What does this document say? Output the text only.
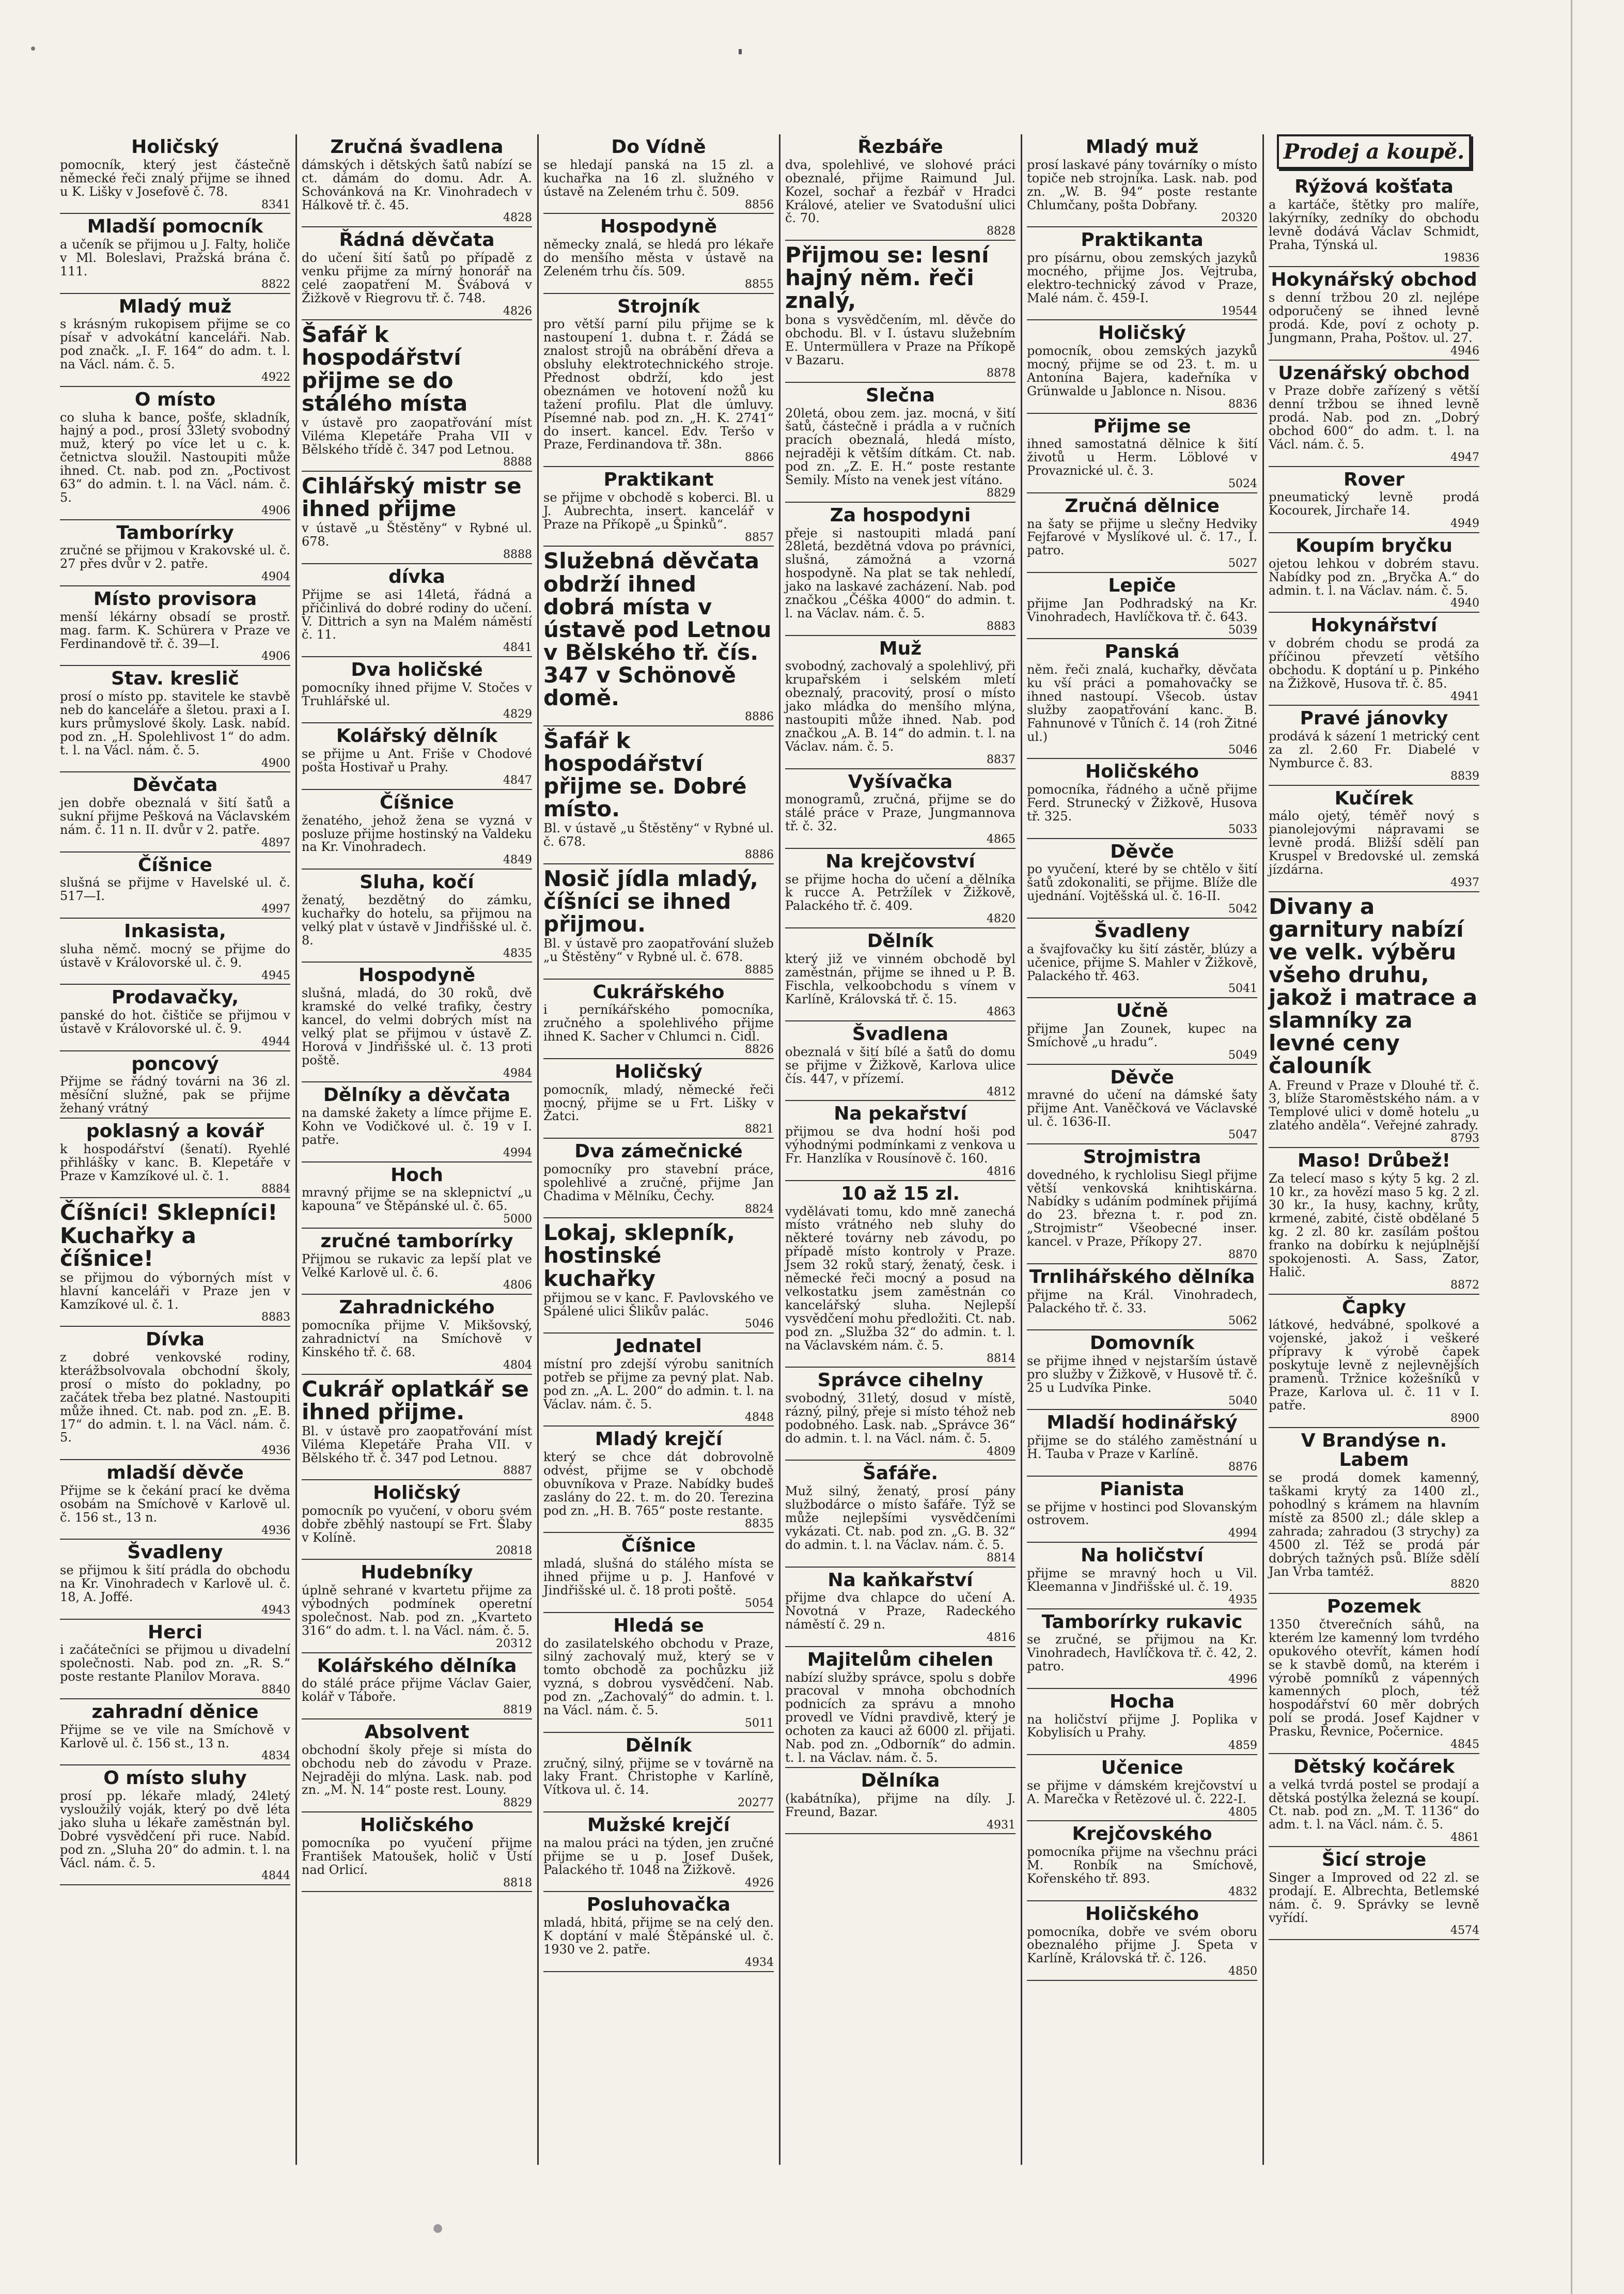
Holičský

pomocník, který jest částečně německé řeči znalý přijme se ihned u K. Lišky v Josefově č. 78.

8341
Mladší pomocník

a učeník se přijmou u J. Falty, holiče v Ml. Boleslavi, Pražská brána č. 111.

8822
Mladý muž

s krásným rukopisem přijme se co písař v advokátní kanceláři. Nab. pod značk. „I. F. 164“ do adm. t. l. na Václ. nám. č. 5.

4922
O místo

co sluha k bance, pošťe, skladník, hajný a pod., prosí 33letý svobodný muž, který po více let u c. k. četnictva sloužil. Nastoupiti může ihned. Ct. nab. pod zn. „Poctivost 63“ do admin. t. l. na Václ. nám. č. 5.

4906
Tamborírky

zručné se přijmou v Krakovské ul. č. 27 přes dvůr v 2. patře.

4904
Místo provisora

menší lékárny obsadí se prostř. mag. farm. K. Schürera v Praze ve Ferdinandově tř. č. 39—I.

4906
Stav. kreslič

prosí o místo pp. stavitele ke stavbě neb do kanceláře a šletou. praxi a I. kurs průmyslové školy. Lask. nabíd. pod zn. „H. Spolehlivost 1“ do adm. t. l. na Václ. nám. č. 5.

4900
Děvčata

jen dobře obeznalá v šití šatů a sukní přijme Pešková na Václavském nám. č. 11 n. II. dvůr v 2. patře.

4897
Číšnice

slušná se přijme v Havelské ul. č. 517—I.

4997
Inkasista,

sluha němč. mocný se přijme do ústavě v Královorské ul. č. 9.

4945
Prodavačky,

panské do hot. čištiče se přijmou v ústavě v Královorské ul. č. 9.

4944
poncový

Přijme se řádný továrni na 36 zl. měsíční služné, pak se přijme žehaný vrátný

poklasný a kovář

k hospodářství (šenatí). Ryehlé přihlášky v kanc. B. Klepetáře v Praze v Kamzíkové ul. č. 1.

8884
Číšníci! Sklepníci! Kuchařky a číšnice!

se přijmou do výborných míst v hlavní kanceláři v Praze jen v Kamzíkové ul. č. 1.

8883
Dívka

z dobré venkovské rodiny, kterážbsolvovala obchodní školy, prosí o místo do pokladny, po začátek třeba bez platné. Nastoupiti může ihned. Ct. nab. pod zn. „E. B. 17“ do admin. t. l. na Václ. nám. č. 5.

4936
mladší děvče

Přijme se k čekání prací ke dvěma osobám na Smíchově v Karlově ul. č. 156 st., 13 n.

4936
Švadleny

se přijmou k šití prádla do obchodu na Kr. Vinohradech v Karlově ul. č. 18, A. Joffé.

4943
Herci

i začátečníci se přijmou u divadelní společnosti. Nab. pod zn. „R. S.“ poste restante Planilov Morava.

8840
zahradní děnice

Přijme se ve vile na Smíchově v Karlově ul. č. 156 st., 13 n.

4834
O místo sluhy

prosí pp. lékaře mladý, 24letý vysloužilý voják, který po dvě léta jako sluha u lékaře zaměstnán byl. Dobré vysvědčení při ruce. Nabíd. pod zn. „Sluha 20“ do admin. t. l. na Václ. nám. č. 5.

4844
Zručná švadlena

dámských i dětských šatů nabízí se ct. dámám do domu. Adr. A. Schovánková na Kr. Vinohradech v Hálkově tř. č. 45.

4828
Řádná děvčata

do učení šití šatů po případě z venku přijme za mírný honorář na celé zaopatření M. Švábová v Žižkově v Riegrovu tř. č. 748.

4826
Šafář k hospodářství přijme se do stálého místa

v ústavě pro zaopatřování míst Viléma Klepetáře Praha VII v Bělského třídě č. 347 pod Letnou.

8888
Cihlářský mistr se ihned přijme

v ústavě „u Štěstěny“ v Rybné ul. 678.

8888
dívka

Přijme se asi 14letá, řádná a přičinlivá do dobré rodiny do učení. V. Dittrich a syn na Malém náměstí č. 11.

4841
Dva holičské

pomocníky ihned přijme V. Stočes v Truhlářské ul.

4829
Kolářský dělník

se přijme u Ant. Friše v Chodové pošta Hostivař u Prahy.

4847
Číšnice

ženatého, jehož žena se vyzná v posluze přijme hostinský na Valdeku na Kr. Vinohradech.

4849
Sluha, kočí

ženatý, bezdětný do zámku, kuchařky do hotelu, sa přijmou na velký plat v ústavě v Jindřišské ul. č. 8.

4835
Hospodyně

slušná, mladá, do 30 roků, dvě kramské do velké trafiky, čestry kancel, do velmi dobrých míst na velký plat se přijmou v ústavě Z. Horová v Jindřišské ul. č. 13 proti poště.

4984
Dělníky a děvčata

na damské žakety a límce přijme E. Kohn ve Vodičkové ul. č. 19 v I. patře.

4994
Hoch

mravný přijme se na sklepnictví „u kapouna“ ve Štěpánské ul. č. 65.

5000
zručné tamborírky

Přijmou se rukavic za lepší plat ve Velké Karlově ul. č. 6.

4806
Zahradnického

pomocníka přijme V. Mikšovský, zahradnictví na Smíchově v Kinského tř. č. 68.

4804
Cukrář oplatkář se ihned přijme.

Bl. v ústavě pro zaopatřování míst Viléma Klepetáře Praha VII. v Bělského tř. č. 347 pod Letnou.

8887
Holičský

pomocník po vyučení, v oboru svém dobře zběhlý nastoupí se Frt. Šlaby v Kolíně.

20818
Hudebníky

úplně sehrané v kvartetu přijme za výbodných podmínek operetní společnost. Nab. pod zn. „Kvarteto 316“ do adm. t. l. na Václ. nám. č. 5.

20312
Kolářského dělníka

do stálé práce přijme Václav Gaier, kolář v Táboře.

8819
Absolvent

obchodní školy přeje si místa do obchodu neb do závodu v Praze. Nejraději do mlýna. Lask. nab. pod zn. „M. N. 14“ poste rest. Louny.

8829
Holičského

pomocníka po vyučení přijme František Matoušek, holič v Ústí nad Orlicí.

8818
Do Vídně

se hledají panská na 15 zl. a kuchařka na 16 zl. služného v ústavě na Zeleném trhu č. 509.

8856
Hospodyně

německy znalá, se hledá pro lékaře do menšího města v ústavě na Zeleném trhu čís. 509.

8855
Strojník

pro větší parní pilu přijme se k nastoupení 1. dubna t. r. Žádá se znalost strojů na obrábění dřeva a obsluhy elektrotechnického stroje. Přednost obdrží, kdo jest obeznámen ve hotovení nožů ku tažení profilu. Plat dle úmluvy. Písemné nab. pod zn. „H. K. 2741“ do insert. kancel. Edv. Teršo v Praze, Ferdinandova tř. 38n.

8866
Praktikant

se přijme v obchodě s koberci. Bl. u J. Aubrechta, insert. kancelář v Praze na Příkopě „u Špinků“.

8857
Služebná děvčata obdrží ihned dobrá místa v ústavě pod Letnou v Bělského tř. čís. 347 v Schönově domě.
8886
Šafář k hospodářství přijme se. Dobré místo.

Bl. v ústavě „u Štěstěny“ v Rybné ul. č. 678.

8886
Nosič jídla mladý, číšníci se ihned přijmou.

Bl. v ústavě pro zaopatřování služeb „u Štěstěny“ v Rybné ul. č. 678.

8885
Cukrářského

i perníkářského pomocníka, zručného a spolehlivého přijme ihned K. Sacher v Chlumci n. Cidl.

8826
Holičský

pomocník, mladý, německé řeči mocný, přijme se u Frt. Lišky v Žatci.

8821
Dva zámečnické

pomocníky pro stavební práce, spolehlivé a zručné, přijme Jan Chadima v Mělníku, Čechy.

8824
Lokaj, sklepník, hostinské kuchařky

přijmou se v kanc. F. Pavlovského ve Spálené ulici Šlikův palác.

5046
Jednatel

místní pro zdejší výrobu sanitních potřeb se přijme za pevný plat. Nab. pod zn. „A. L. 200“ do admin. t. l. na Václav. nám. č. 5.

4848
Mladý krejčí

který se chce dát dobrovolně odvést, přijme se v obchodě obuvníkova v Praze. Nabídky budeš zaslány do 22. t. m. do 20. Terezina pod zn. „H. B. 765“ poste restante.

8835
Číšnice

mladá, slušná do stálého místa se ihned přijme u p. J. Hanfové v Jindřišské ul. č. 18 proti poště.

5054
Hledá se

do zasilatelského obchodu v Praze, silný zachovalý muž, který se v tomto obchodě za pochůzku již vyzná, s dobrou vysvědčení. Nab. pod zn. „Zachovalý“ do admin. t. l. na Václ. nám. č. 5.

5011
Dělník

zručný, silný, přijme se v továrně na laky Frant. Christophe v Karlíně, Vítkova ul. č. 14.

20277
Mužské krejčí

na malou práci na týden, jen zručné přijme se u p. Josef Dušek, Palackého tř. 1048 na Žižkově.

4926
Posluhovačka

mladá, hbitá, přijme se na celý den. K doptání v malé Štěpánské ul. č. 1930 ve 2. patře.

4934
Řezbáře

dva, spolehlivé, ve slohové práci obeznalé, přijme Raimund Jul. Kozel, sochař a řezbář v Hradci Králové, atelier ve Svatodušní ulici č. 70.

8828
Přijmou se: lesní hajný něm. řeči znalý,

bona s vysvědčením, ml. děvče do obchodu. Bl. v I. ústavu služebním E. Untermüllera v Praze na Příkopě v Bazaru.

8878
Slečna

20letá, obou zem. jaz. mocná, v šití šatů, částečně i prádla a v ručních pracích obeznalá, hledá místo, nejraději k větším dítkám. Ct. nab. pod zn. „Z. E. H.“ poste restante Semily. Místo na venek jest vítáno.

8829
Za hospodyni

přeje si nastoupiti mladá paní 28letá, bezdětná vdova po právníci, slušná, zámožná a vzorná hospodyně. Na plat se tak nehledí, jako na laskavé zacházení. Nab. pod značkou „Čéška 4000“ do admin. t. l. na Václav. nám. č. 5.

8883
Muž

svobodný, zachovalý a spolehlivý, při krupařském i selském mletí obeznalý, pracovitý, prosí o místo jako mládka do menšího mlýna, nastoupiti může ihned. Nab. pod značkou „A. B. 14“ do admin. t. l. na Václav. nám. č. 5.

8837
Vyšívačka

monogramů, zručná, přijme se do stálé práce v Praze, Jungmannova tř. č. 32.

4865
Na krejčovství

se přijme hocha do učení a dělníka k rucce A. Petržílek v Žižkově, Palackého tř. č. 409.

4820
Dělník

který již ve vinném obchodě byl zaměstnán, přijme se ihned u P. B. Fischla, velkoobchodu s vínem v Karlíně, Královská tř. č. 15.

4863
Švadlena

obeznalá v šití bílé a šatů do domu se přijme v Žižkově, Karlova ulice čís. 447, v přízemí.

4812
Na pekařství

přijmou se dva hodní hoši pod výhodnými podmínkami z venkova u Fr. Hanzlíka v Rousínově č. 160.

4816
10 až 15 zl.

vydělávati tomu, kdo mně zanechá místo vrátného neb sluhy do některé továrny neb závodu, po případě místo kontroly v Praze. Jsem 32 roků starý, ženatý, česk. i německé řeči mocný a posud na velkostatku jsem zaměstnán co kancelářský sluha. Nejlepší vysvědčení mohu předložiti. Ct. nab. pod zn. „Služba 32“ do admin. t. l. na Václavském nám. č. 5.

8814
Správce cihelny

svobodný, 31letý, dosud v místě, rázný, pilný, přeje si místo téhož neb podobného. Lask. nab. „Správce 36“ do admin. t. l. na Václ. nám. č. 5.

4809
Šafáře.

Muž silný, ženatý, prosí pány službodárce o místo šafáře. Týž se může nejlepšími vysvědčeními vykázati. Ct. nab. pod zn. „G. B. 32“ do admin. t. l. na Václav. nám. č. 5.

8814
Na kaňkařství

přijme dva chlapce do učení A. Novotná v Praze, Radeckého náměstí č. 29 n.

4816
Majitelům cihelen

nabízí služby správce, spolu s dobře pracoval v mnoha obchodních podnicích za správu a mnoho provedl ve Vídni pravdivě, který je ochoten za kauci až 6000 zl. přijati. Nab. pod zn. „Odborník“ do admin. t. l. na Václav. nám. č. 5.

Dělníka

(kabátníka), přijme na díly. J. Freund, Bazar.

4931
Mladý muž

prosí laskavé pány továrníky o místo topiče neb strojníka. Lask. nab. pod zn. „W. B. 94“ poste restante Chlumčany, pošta Dobřany.

20320
Praktikanta

pro písárnu, obou zemských jazyků mocného, přijme Jos. Vejtruba, elektro-technický závod v Praze, Malé nám. č. 459-I.

19544
Holičský

pomocník, obou zemských jazyků mocný, přijme se od 23. t. m. u Antonína Bajera, kadeřníka v Grünwalde u Jablonce n. Nisou.

8836
Přijme se

ihned samostatná dělnice k šití životů u Herm. Löblové v Provaznické ul. č. 3.

5024
Zručná dělnice

na šaty se přijme u slečny Hedviky Fejfarové v Myslíkové ul. č. 17., I. patro.

5027
Lepiče

přijme Jan Podhradský na Kr. Vinohradech, Havlíčkova tř. č. 643.

5039
Panská

něm. řeči znalá, kuchařky, děvčata ku vší práci a pomahovačky se ihned nastoupí. Všecob. ústav služby zaopatřování kanc. B. Fahnunové v Tůních č. 14 (roh Žitné ul.)

5046
Holičského

pomocníka, řádného a učně přijme Ferd. Strunecký v Žižkově, Husova tř. 325.

5033
Děvče

po vyučení, které by se chtělo v šití šatů zdokonaliti, se přijme. Blíže dle ujednání. Vojtěšská ul. č. 16-II.

5042
Švadleny

a švajfovačky ku šití zástěr, blúzy a učenice, přijme S. Mahler v Žižkově, Palackého tř. 463.

5041
Učně

přijme Jan Zounek, kupec na Smíchově „u hradu“.

5049
Děvče

mravné do učení na dámské šaty přijme Ant. Vaněčková ve Václavské ul. č. 1636-II.

5047
Strojmistra

dovedného, k rychlolisu Siegl přijme větší venkovská knihtiskárna. Nabídky s udáním podmínek přijímá do 23. března t. r. pod zn. „Strojmistr“ Všeobecné inser. kancel. v Praze, Příkopy 27.

8870
Trnlihářského dělníka

přijme na Král. Vinohradech, Palackého tř. č. 33.

5062
Domovník

se přijme ihned v nejstarším ústavě pro služby v Žižkově, v Husově tř. č. 25 u Ludvíka Pinke.

5040
Mladší hodinářský

přijme se do stálého zaměstnání u H. Tauba v Praze v Karlíně.

8876
Pianista

se přijme v hostinci pod Slovanským ostrovem.

4994
Na holičství

přijme se mravný hoch u Vil. Kleemanna v Jindřišské ul. č. 19.

4935
Tamborírky rukavic

se zručné, se přijmou na Kr. Vinohradech, Havlíčkova tř. č. 42, 2. patro.

4996
Hocha

na holičství přijme J. Poplika v Kobylisích u Prahy.

4859
Učenice

se přijme v dámském krejčovství u A. Marečka v Řetězové ul. č. 222-I.

4805
Krejčovského

pomocníka přijme na všechnu práci M. Ronbík na Smíchově, Kořenského tř. 893.

4832
Holičského

pomocníka, dobře ve svém oboru obeznalého přijme J. Speta v Karlíně, Královská tř. č. 126.

4850
Prodej a koupě.
Rýžová košťata

a kartáče, štětky pro malíře, lakýrníky, zedníky do obchodu levně dodává Václav Schmidt, Praha, Týnská ul.

19836
Hokynářský obchod

s denní tržbou 20 zl. nejlépe odporučený se ihned levně prodá. Kde, poví z ochoty p. Jungmann, Praha, Poštov. ul. 27.

4946
Uzenářský obchod

v Praze dobře zařízený s větší denní tržbou se ihned levně prodá. Nab. pod zn. „Dobrý obchod 600“ do adm. t. l. na Václ. nám. č. 5.

4947
Rover

pneumatický levně prodá Kocourek, Jirchaře 14.

4949
Koupím bryčku

ojetou lehkou v dobrém stavu. Nabídky pod zn. „Bryčka A.“ do admin. t. l. na Václav. nám. č. 5.

4940
Hokynářství

v dobrém chodu se prodá za příčinou převzetí většího obchodu. K doptání u p. Pinkého na Žižkově, Husova tř. č. 85.

4941
Pravé jánovky

prodává k sázení 1 metrický cent za zl. 2.60 Fr. Diabelé v Nymburce č. 83.

8839
Kučírek

málo ojetý, téměř nový s pianolejovými nápravami se levně prodá. Bližší sdělí pan Kruspel v Bredovské ul. zemská jízdárna.

4937
Divany a garnitury nabízí ve velk. výběru všeho druhu, jakož i matrace a slamníky za levné ceny čalouník

A. Freund v Praze v Dlouhé tř. č. 3, blíže Staroměstského nám. a v Templové ulici v domě hotelu „u zlatého anděla“. Veřejné zahrady.

8793
Maso! Drůbež!

Za telecí maso s kýty 5 kg. 2 zl. 10 kr., za hovězí maso 5 kg. 2 zl. 30 kr., Ia husy, kachny, krůty, krmené, zabité, čistě obdělané 5 kg. 2 zl. 80 kr. zasílám poštou franko na dobírku k nejúplnější spokojenosti. A. Sass, Zator, Halič.

8872
Čapky

látkové, hedvábné, spolkové a vojenské, jakož i veškeré přípravy k výrobě čapek poskytuje levně z nejlevnějších pramenů. Tržnice kožešníků v Praze, Karlova ul. č. 11 v I. patře.

8900
V Brandýse n. Labem

se prodá domek kamenný, taškami krytý za 1400 zl., pohodlný s krámem na hlavním místě za 8500 zl.; dále sklep a zahrada; zahradou (3 strychy) za 4500 zl. Též se prodá pár dobrých tažných psů. Blíže sdělí Jan Vrba tamtéž.

8820
Pozemek

1350 čtverečních sáhů, na kterém lze kamenný lom tvrdého opukového otevřít, kámen hodí se k stavbě domů, na kterém i výrobě pomníků z vápenných kamenných ploch, též hospodářství 60 měr dobrých polí se prodá. Josef Kajdner v Prasku, Řevnice, Počernice.

4845
Dětský kočárek

a velká tvrdá postel se prodají a dětská postýlka železná se koupí. Ct. nab. pod zn. „M. T. 1136“ do adm. t. l. na Václ. nám. č. 5.

4861
Šicí stroje

Singer a Improved od 22 zl. se prodají. E. Albrechta, Betlemské nám. č. 9. Správky se levně vyřídí.

4574
●
